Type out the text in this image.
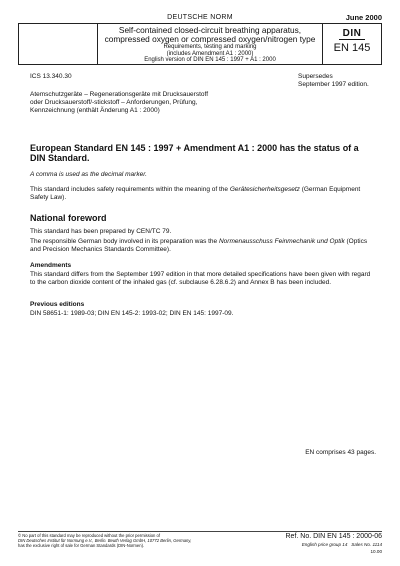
DEUTSCHE NORM	June 2000
Self-contained closed-circuit breathing apparatus,
compressed oxygen or compressed oxygen/nitrogen type
Requirements, testing and marking
(includes Amendment A1 : 2000)
English version of DIN EN 145 : 1997 + A1 : 2000
DIN
EN 145
ICS 13.340.30	Supersedes
September 1997 edition.
Atemschutzgeräte – Regenerationsgeräte mit Drucksauerstoff
oder Drucksauerstoff/-stickstoff – Anforderungen, Prüfung,
Kennzeichnung (enthält Änderung A1 : 2000)
European Standard EN 145 : 1997 + Amendment A1 : 2000 has the status of a DIN Standard.
A comma is used as the decimal marker.
This standard includes safety requirements within the meaning of the Gerätesicherheitsgesetz (German Equipment Safety Law).
National foreword
This standard has been prepared by CEN/TC 79.
The responsible German body involved in its preparation was the Normenausschuss Feinmechanik und Optik (Optics and Precision Mechanics Standards Committee).
Amendments
This standard differs from the September 1997 edition in that more detailed specifications have been given with regard to the carbon dioxide content of the inhaled gas (cf. subclause 6.28.6.2) and Annex B has been included.
Previous editions
DIN 58651-1: 1989-03; DIN EN 145-2: 1993-02; DIN EN 145: 1997-09.
EN comprises 43 pages.
© No part of this standard may be reproduced without the prior permission of
DIN Deutsches Institut für Normung e.V., Berlin. Beuth Verlag GmbH, 10772 Berlin, Germany,
has the exclusive right of sale for German Standards (DIN-Normen).
Ref. No. DIN EN 145 : 2000-06
English price group 14 Sales No. 1114
10.00
